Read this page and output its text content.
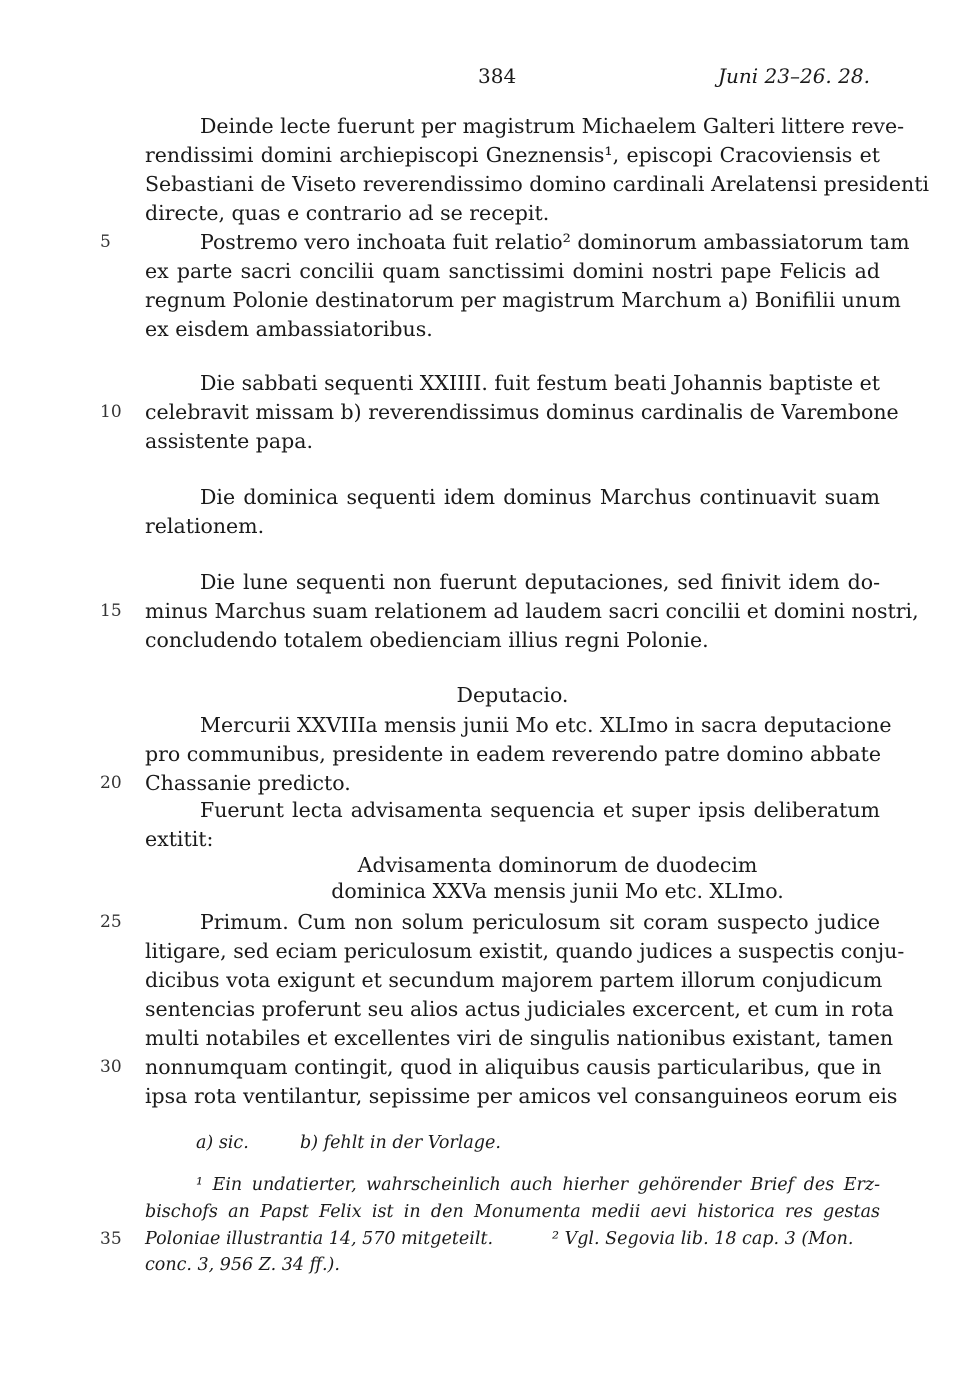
384	Juni 23–26. 28.
Deinde lecte fuerunt per magistrum Michaelem Galteri littere reve-
rendissimi domini archiepiscopi Gneznensis¹, episcopi Cracoviensis et
Sebastiani de Viseto reverendissimo domino cardinali Arelatensi presidenti
directe, quas e contrario ad se recepit.
5	Postremo vero inchoata fuit relatio² dominorum ambassiatorum tam
ex parte sacri concilii quam sanctissimi domini nostri pape Felicis ad
regnum Polonie destinatorum per magistrum Marchum a) Bonifilii unum
ex eisdem ambassiatoribus.
Die sabbati sequenti XXIIII. fuit festum beati Johannis baptiste et
10	celebravit missam b) reverendissimus dominus cardinalis de Varembone
assistente papa.
Die dominica sequenti idem dominus Marchus continuavit suam
relationem.
Die lune sequenti non fuerunt deputaciones, sed finivit idem do-
15	minus Marchus suam relationem ad laudem sacri concilii et domini nostri,
concludendo totalem obedienciam illius regni Polonie.
Deputacio.
Mercurii XXVIIIa mensis junii Mo etc. XLImo in sacra deputacione
pro communibus, presidente in eadem reverendo patre domino abbate
20	Chassanie predicto.
Fuerunt lecta advisamenta sequencia et super ipsis deliberatum
extitit:
Advisamenta dominorum de duodecim
dominica XXVa mensis junii Mo etc. XLImo.
25	Primum. Cum non solum periculosum sit coram suspecto judice
litigare, sed eciam periculosum existit, quando judices a suspectis conju-
dicibus vota exigunt et secundum majorem partem illorum conjudicum
sentencias proferunt seu alios actus judiciales excercent, et cum in rota
multi notabiles et excellentes viri de singulis nationibus existant, tamen
30	nonnumquam contingit, quod in aliquibus causis particularibus, que in
ipsa rota ventilantur, sepissime per amicos vel consanguineos eorum eis
a) sic.	b) fehlt in der Vorlage.
¹ Ein undatierter, wahrscheinlich auch hierher gehörender Brief des Erz-
bischofs an Papst Felix ist in den Monumenta medii aevi historica res gestas
35	Poloniae illustrantia 14, 570 mitgeteilt.	² Vgl. Segovia lib. 18 cap. 3 (Mon.
conc. 3, 956 Z. 34 ff.).
